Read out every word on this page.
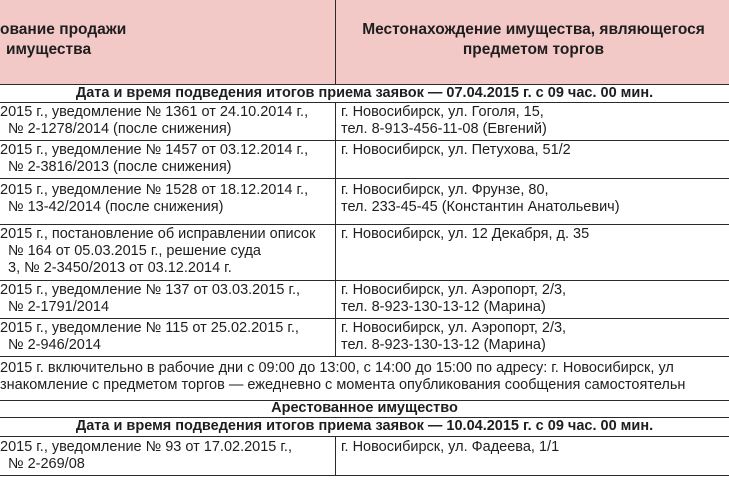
ование продажи
имущества
Местонахождение имущества, являющегося
предметом торгов
Дата и время подведения итогов приема заявок — 07.04.2015 г. с 09 час. 00 мин.
2015 г., уведомление № 1361 от 24.10.2014 г.,
№ 2-1278/2014 (после снижения)
г. Новосибирск, ул. Гоголя, 15,
тел. 8-913-456-11-08 (Евгений)
2015 г., уведомление № 1457 от 03.12.2014 г.,
№ 2-3816/2013 (после снижения)
г. Новосибирск, ул. Петухова, 51/2
2015 г., уведомление № 1528 от 18.12.2014 г.,
№ 13-42/2014 (после снижения)
г. Новосибирск, ул. Фрунзе, 80,
тел. 233-45-45 (Константин Анатольевич)
2015 г., постановление об исправлении описок
№ 164 от 05.03.2015 г., решение суда
3, № 2-3450/2013 от 03.12.2014 г.
г. Новосибирск, ул. 12 Декабря, д. 35
2015 г., уведомление № 137 от 03.03.2015 г.,
№ 2-1791/2014
г. Новосибирск, ул. Аэропорт, 2/3,
тел. 8-923-130-13-12 (Марина)
2015 г., уведомление № 115 от 25.02.2015 г.,
№ 2-946/2014
г. Новосибирск, ул. Аэропорт, 2/3,
тел. 8-923-130-13-12 (Марина)
2015 г. включительно в рабочие дни с 09:00 до 13:00, с 14:00 до 15:00 по адресу: г. Новосибирск, ул
знакомление с предметом торгов — ежедневно с момента опубликования сообщения самостоятельн
Арестованное имущество
Дата и время подведения итогов приема заявок — 10.04.2015 г. с 09 час. 00 мин.
2015 г., уведомление № 93 от 17.02.2015 г.,
№ 2-269/08
г. Новосибирск, ул. Фадеева, 1/1
